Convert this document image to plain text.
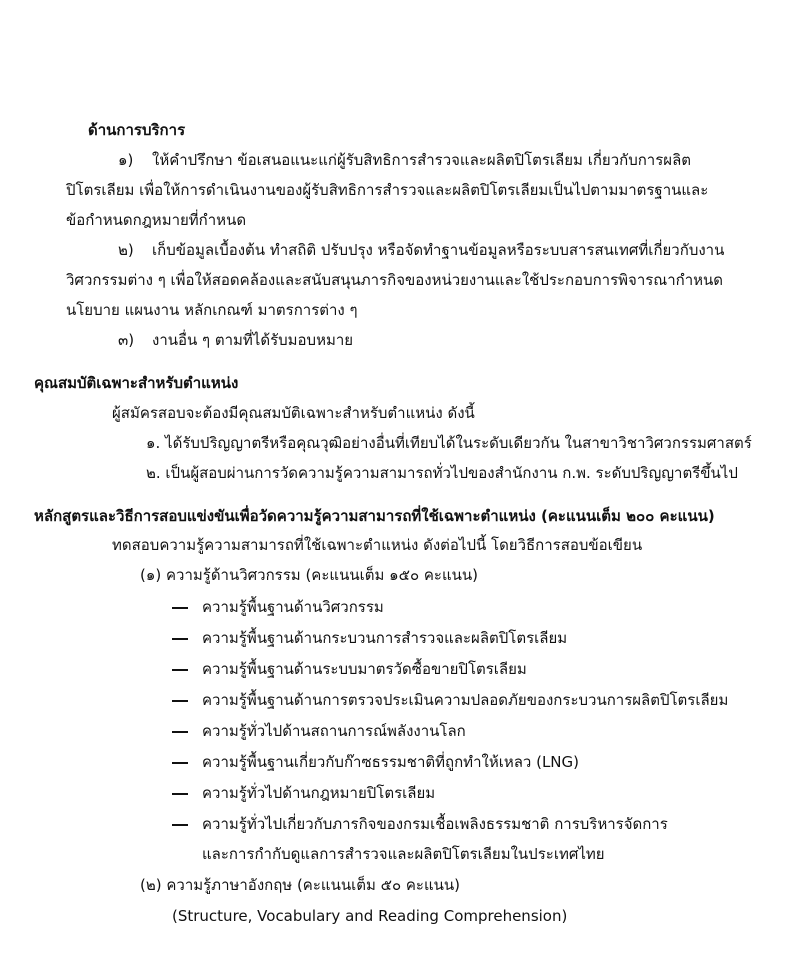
ด้านการบริการ
๑) ให้คำปรึกษา ข้อเสนอแนะแก่ผู้รับสิทธิการสำรวจและผลิตปิโตรเลียม เกี่ยวกับการผลิต
ปิโตรเลียม เพื่อให้การดำเนินงานของผู้รับสิทธิการสำรวจและผลิตปิโตรเลียมเป็นไปตามมาตรฐานและ
ข้อกำหนดกฎหมายที่กำหนด
๒) เก็บข้อมูลเบื้องต้น ทำสถิติ ปรับปรุง หรือจัดทำฐานข้อมูลหรือระบบสารสนเทศที่เกี่ยวกับงาน
วิศวกรรมต่าง ๆ เพื่อให้สอดคล้องและสนับสนุนภารกิจของหน่วยงานและใช้ประกอบการพิจารณากำหนด
นโยบาย แผนงาน หลักเกณฑ์ มาตรการต่าง ๆ
๓) งานอื่น ๆ ตามที่ได้รับมอบหมาย
คุณสมบัติเฉพาะสำหรับตำแหน่ง
ผู้สมัครสอบจะต้องมีคุณสมบัติเฉพาะสำหรับตำแหน่ง ดังนี้
๑. ได้รับปริญญาตรีหรือคุณวุฒิอย่างอื่นที่เทียบได้ในระดับเดียวกัน ในสาขาวิชาวิศวกรรมศาสตร์
๒. เป็นผู้สอบผ่านการวัดความรู้ความสามารถทั่วไปของสำนักงาน ก.พ. ระดับปริญญาตรีขึ้นไป
หลักสูตรและวิธีการสอบแข่งขันเพื่อวัดความรู้ความสามารถที่ใช้เฉพาะตำแหน่ง (คะแนนเต็ม ๒๐๐ คะแนน)
ทดสอบความรู้ความสามารถที่ใช้เฉพาะตำแหน่ง ดังต่อไปนี้ โดยวิธีการสอบข้อเขียน
(๑) ความรู้ด้านวิศวกรรม (คะแนนเต็ม ๑๕๐ คะแนน)
ความรู้พื้นฐานด้านวิศวกรรม
ความรู้พื้นฐานด้านกระบวนการสำรวจและผลิตปิโตรเลียม
ความรู้พื้นฐานด้านระบบมาตรวัดซื้อขายปิโตรเลียม
ความรู้พื้นฐานด้านการตรวจประเมินความปลอดภัยของกระบวนการผลิตปิโตรเลียม
ความรู้ทั่วไปด้านสถานการณ์พลังงานโลก
ความรู้พื้นฐานเกี่ยวกับก๊าซธรรมชาติที่ถูกทำให้เหลว (LNG)
ความรู้ทั่วไปด้านกฎหมายปิโตรเลียม
ความรู้ทั่วไปเกี่ยวกับภารกิจของกรมเชื้อเพลิงธรรมชาติ การบริหารจัดการ
และการกำกับดูแลการสำรวจและผลิตปิโตรเลียมในประเทศไทย
(๒) ความรู้ภาษาอังกฤษ (คะแนนเต็ม ๕๐ คะแนน)
(Structure, Vocabulary and Reading Comprehension)
